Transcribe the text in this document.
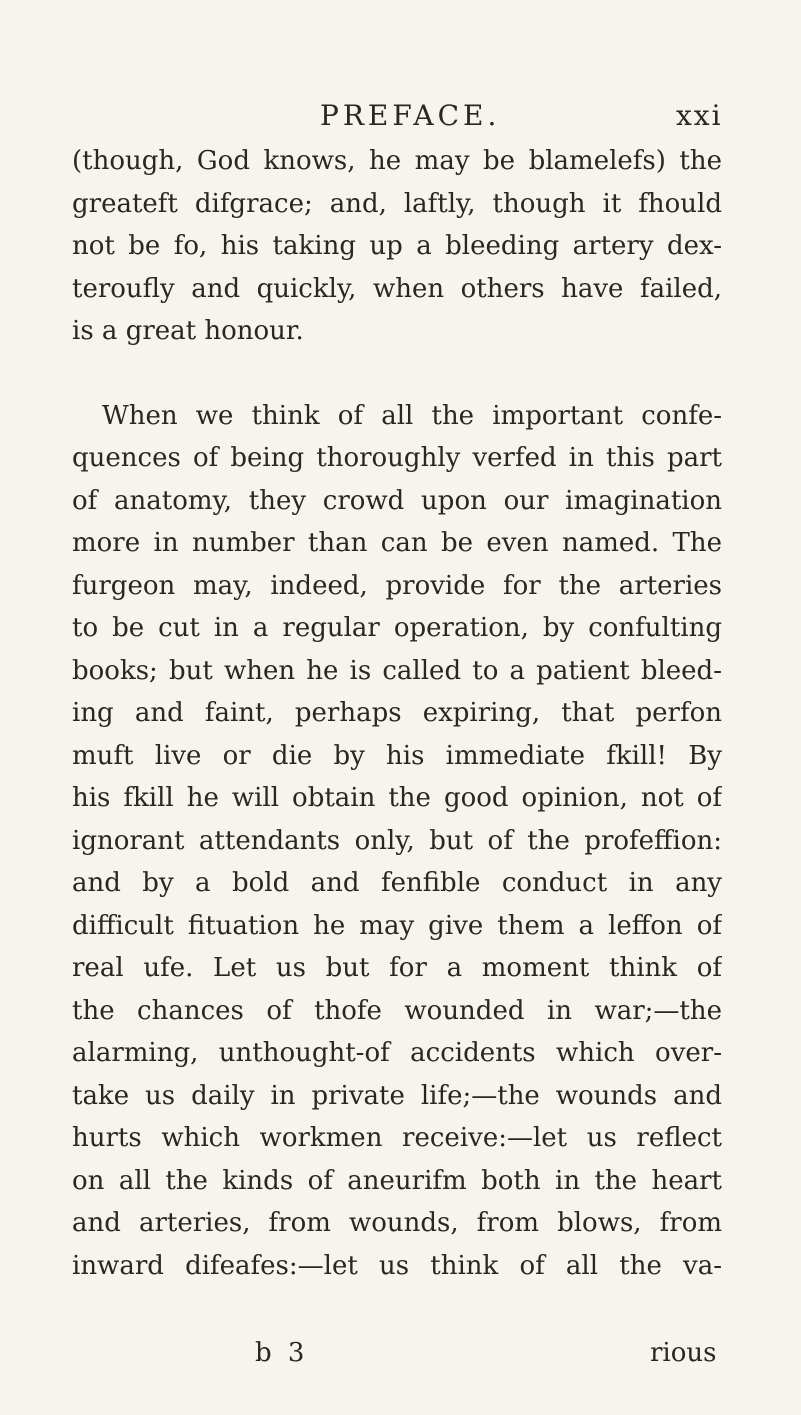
PREFACE.	xxi

(though, God knows, he may be blamelefs) the
greateft difgrace; and, laftly, though it fhould
not be fo, his taking up a bleeding artery dex-
teroufly and quickly, when others have failed,
is a great honour.

When we think of all the important confe-
quences of being thoroughly verfed in this part
of anatomy, they crowd upon our imagination
more in number than can be even named. The
furgeon may, indeed, provide for the arteries
to be cut in a regular operation, by confulting
books; but when he is called to a patient bleed-
ing and faint, perhaps expiring, that perfon
muft live or die by his immediate fkill! By
his fkill he will obtain the good opinion, not of
ignorant attendants only, but of the profeffion:
and by a bold and fenfible conduct in any
difficult fituation he may give them a leffon of
real ufe. Let us but for a moment think of
the chances of thofe wounded in war;—the
alarming, unthought-of accidents which over-
take us daily in private life;—the wounds and
hurts which workmen receive:—let us reflect
on all the kinds of aneurifm both in the heart
and arteries, from wounds, from blows, from
inward difeafes:—let us think of all the va-

b 3	rious
